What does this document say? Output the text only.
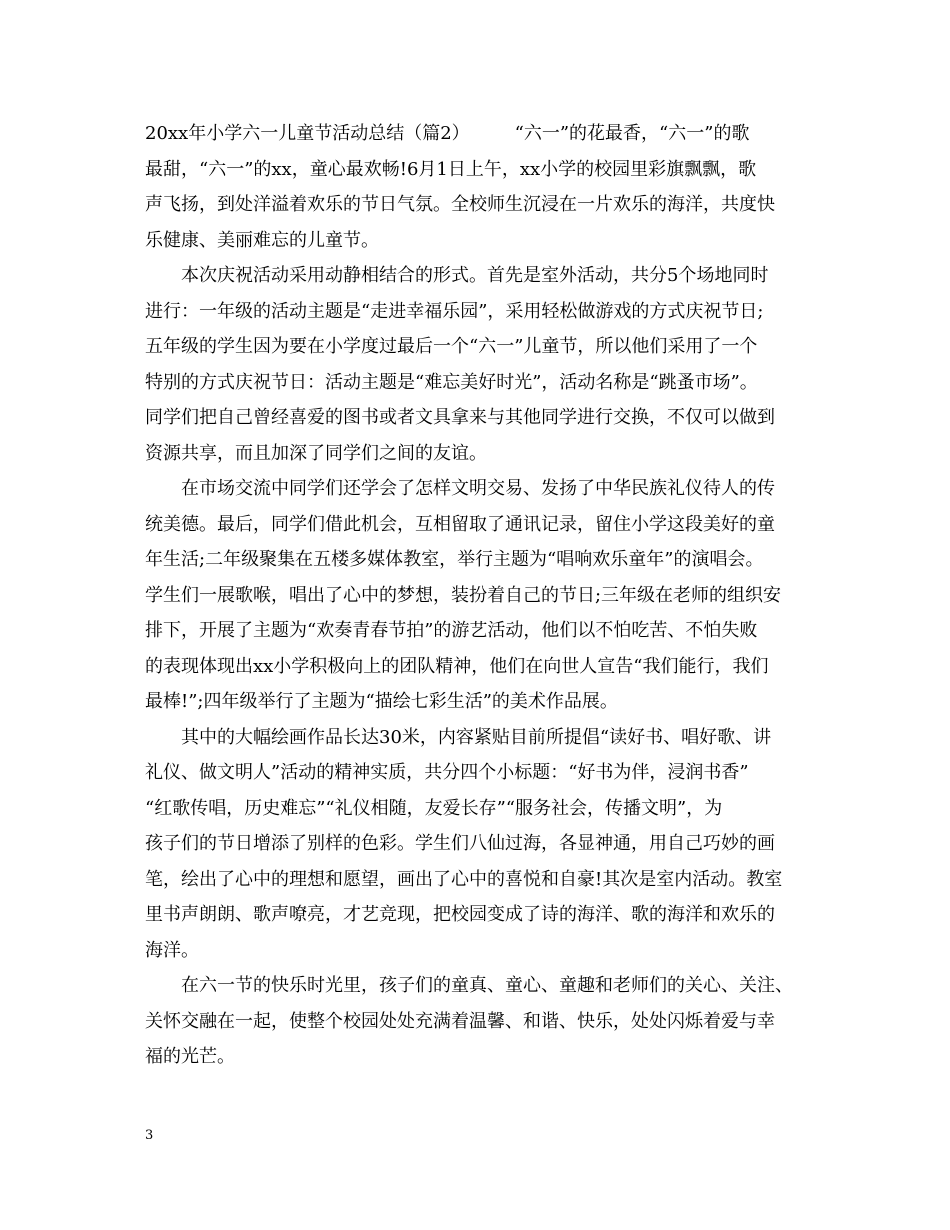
20xx年小学六一儿童节活动总结（篇2）　　　“六一”的花最香，“六一”的歌
最甜，“六一”的xx，童心最欢畅!6月1日上午，xx小学的校园里彩旗飘飘，歌
声飞扬，到处洋溢着欢乐的节日气氛。全校师生沉浸在一片欢乐的海洋，共度快
乐健康、美丽难忘的儿童节。
　　本次庆祝活动采用动静相结合的形式。首先是室外活动，共分5个场地同时
进行：一年级的活动主题是“走进幸福乐园”，采用轻松做游戏的方式庆祝节日;
五年级的学生因为要在小学度过最后一个“六一”儿童节，所以他们采用了一个
特别的方式庆祝节日：活动主题是“难忘美好时光”，活动名称是“跳蚤市场”。
同学们把自己曾经喜爱的图书或者文具拿来与其他同学进行交换，不仅可以做到
资源共享，而且加深了同学们之间的友谊。
　　在市场交流中同学们还学会了怎样文明交易、发扬了中华民族礼仪待人的传
统美德。最后，同学们借此机会，互相留取了通讯记录，留住小学这段美好的童
年生活;二年级聚集在五楼多媒体教室，举行主题为“唱响欢乐童年”的演唱会。
学生们一展歌喉，唱出了心中的梦想，装扮着自己的节日;三年级在老师的组织安
排下，开展了主题为“欢奏青春节拍”的游艺活动，他们以不怕吃苦、不怕失败
的表现体现出xx小学积极向上的团队精神，他们在向世人宣告“我们能行，我们
最棒!”;四年级举行了主题为“描绘七彩生活”的美术作品展。
　　其中的大幅绘画作品长达30米，内容紧贴目前所提倡“读好书、唱好歌、讲
礼仪、做文明人”活动的精神实质，共分四个小标题：“好书为伴，浸润书香”
“红歌传唱，历史难忘”“礼仪相随，友爱长存”“服务社会，传播文明”，为
孩子们的节日增添了别样的色彩。学生们八仙过海，各显神通，用自己巧妙的画
笔，绘出了心中的理想和愿望，画出了心中的喜悦和自豪!其次是室内活动。教室
里书声朗朗、歌声嘹亮，才艺竞现，把校园变成了诗的海洋、歌的海洋和欢乐的
海洋。
　　在六一节的快乐时光里，孩子们的童真、童心、童趣和老师们的关心、关注、
关怀交融在一起，使整个校园处处充满着温馨、和谐、快乐，处处闪烁着爱与幸
福的光芒。
3
